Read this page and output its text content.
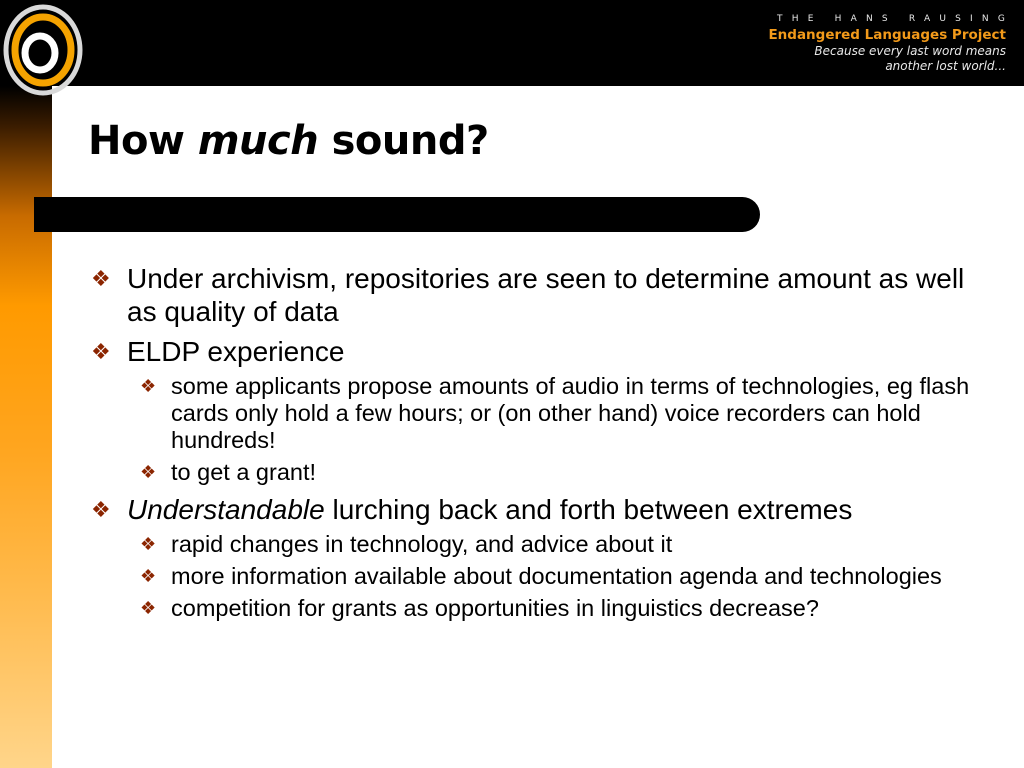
THE HANS RAUSING
Endangered Languages Project
Because every last word means
another lost world...
How much sound?
❖ Under archivism, repositories are seen to determine amount as well as quality of data
❖ ELDP experience
❖ some applicants propose amounts of audio in terms of technologies, eg flash cards only hold a few hours; or (on other hand) voice recorders can hold hundreds!
❖ to get a grant!
❖ Understandable lurching back and forth between extremes
❖ rapid changes in technology, and advice about it
❖ more information available about documentation agenda and technologies
❖ competition for grants as opportunities in linguistics decrease?
